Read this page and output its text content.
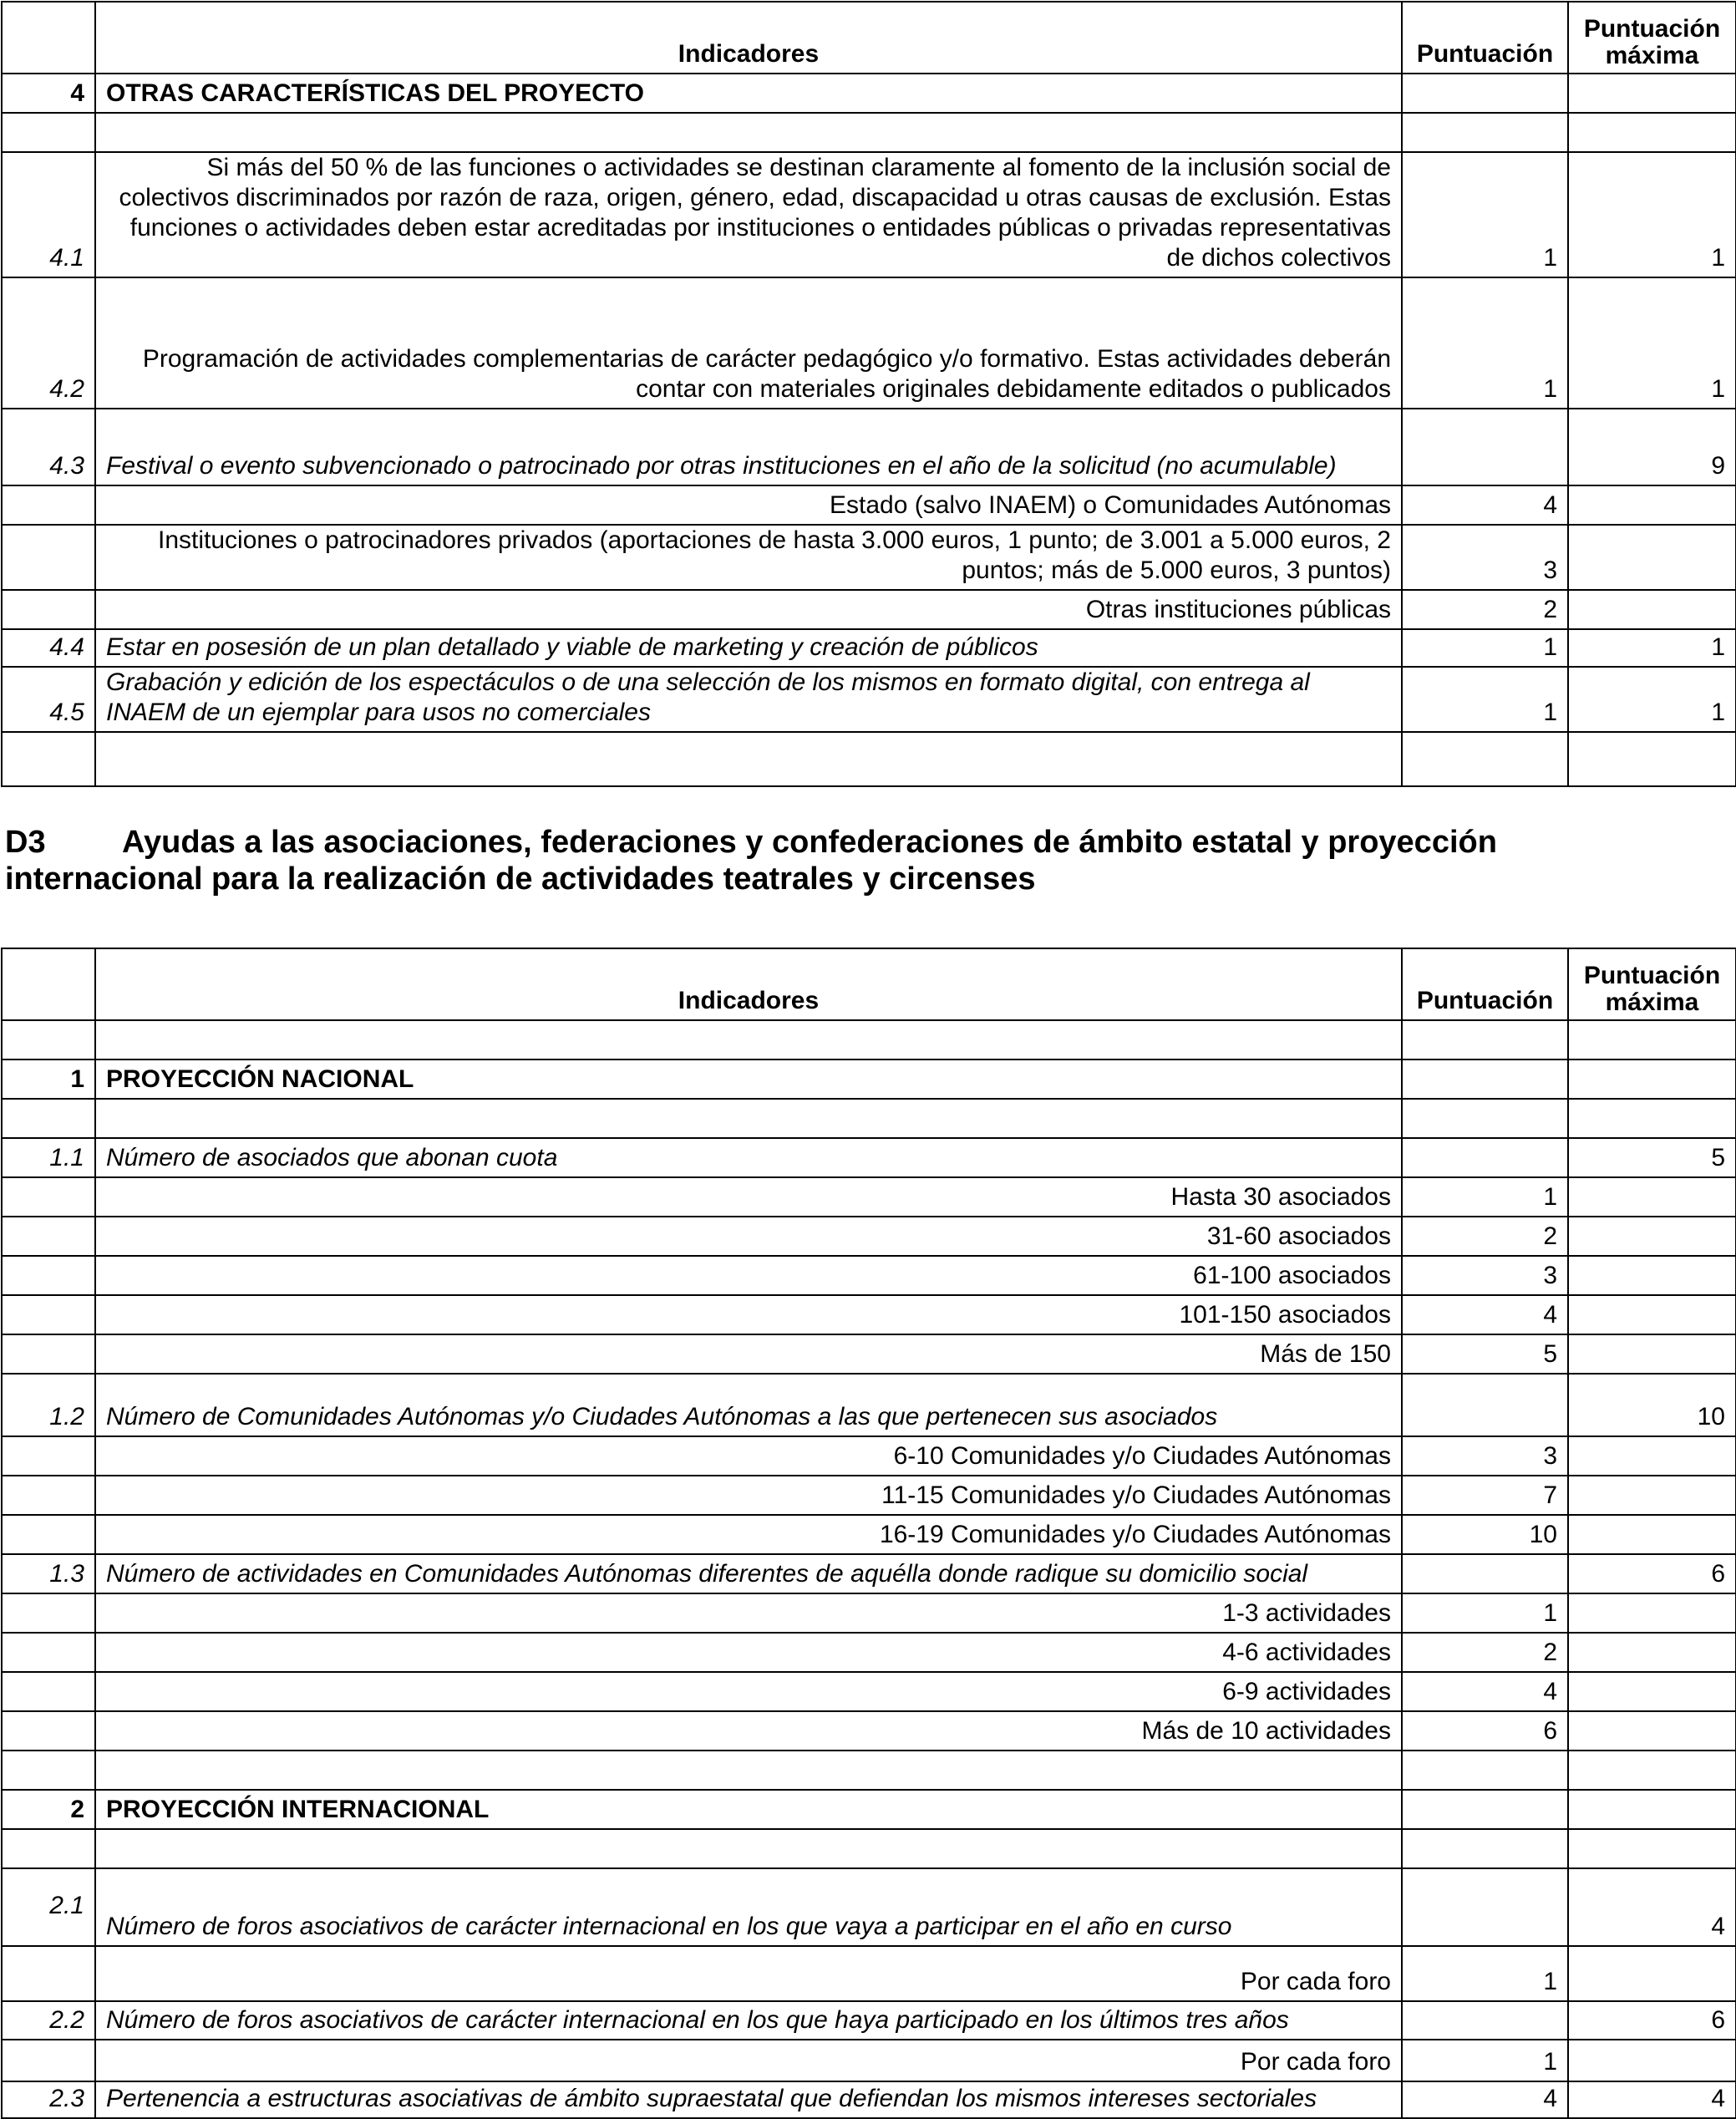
	Indicadores	Puntuación	Puntuación máxima
4	OTRAS CARACTERÍSTICAS DEL PROYECTO		

4.1	Si más del 50 % de las funciones o actividades se destinan claramente al fomento de la inclusión social de colectivos discriminados por razón de raza, origen, género, edad, discapacidad u otras causas de exclusión. Estas funciones o actividades deben estar acreditadas por instituciones o entidades públicas o privadas representativas de dichos colectivos	1	1
4.2	Programación de actividades complementarias de carácter pedagógico y/o formativo. Estas actividades deberán contar con materiales originales debidamente editados o publicados	1	1
4.3	Festival o evento subvencionado o patrocinado por otras instituciones en el año de la solicitud (no acumulable)		9
	Estado (salvo INAEM) o Comunidades Autónomas	4	
	Instituciones o patrocinadores privados (aportaciones de hasta 3.000 euros, 1 punto; de 3.001 a 5.000 euros, 2 puntos; más de 5.000 euros, 3 puntos)	3	
	Otras instituciones públicas	2	
4.4	Estar en posesión de un plan detallado y viable de marketing y creación de públicos	1	1
4.5	Grabación y edición de los espectáculos o de una selección de los mismos en formato digital, con entrega al INAEM de un ejemplar para usos no comerciales	1	1

D3 Ayudas a las asociaciones, federaciones y confederaciones de ámbito estatal y proyección internacional para la realización de actividades teatrales y circenses
	Indicadores	Puntuación	Puntuación máxima

1	PROYECCIÓN NACIONAL		

1.1	Número de asociados que abonan cuota		5
	Hasta 30 asociados	1	
	31-60 asociados	2	
	61-100 asociados	3	
	101-150 asociados	4	
	Más de 150	5	
1.2	Número de Comunidades Autónomas y/o Ciudades Autónomas a las que pertenecen sus asociados		10
	6-10 Comunidades y/o Ciudades Autónomas	3	
	11-15 Comunidades y/o Ciudades Autónomas	7	
	16-19 Comunidades y/o Ciudades Autónomas	10	
1.3	Número de actividades en Comunidades Autónomas diferentes de aquélla donde radique su domicilio social		6
	1-3 actividades	1	
	4-6 actividades	2	
	6-9 actividades	4	
	Más de 10 actividades	6	

2	PROYECCIÓN INTERNACIONAL		

2.1	Número de foros asociativos de carácter internacional en los que vaya a participar en el año en curso		4
	Por cada foro	1	
2.2	Número de foros asociativos de carácter internacional en los que haya participado en los últimos tres años		6
	Por cada foro	1	
2.3	Pertenencia a estructuras asociativas de ámbito supraestatal que defiendan los mismos intereses sectoriales	4	4
